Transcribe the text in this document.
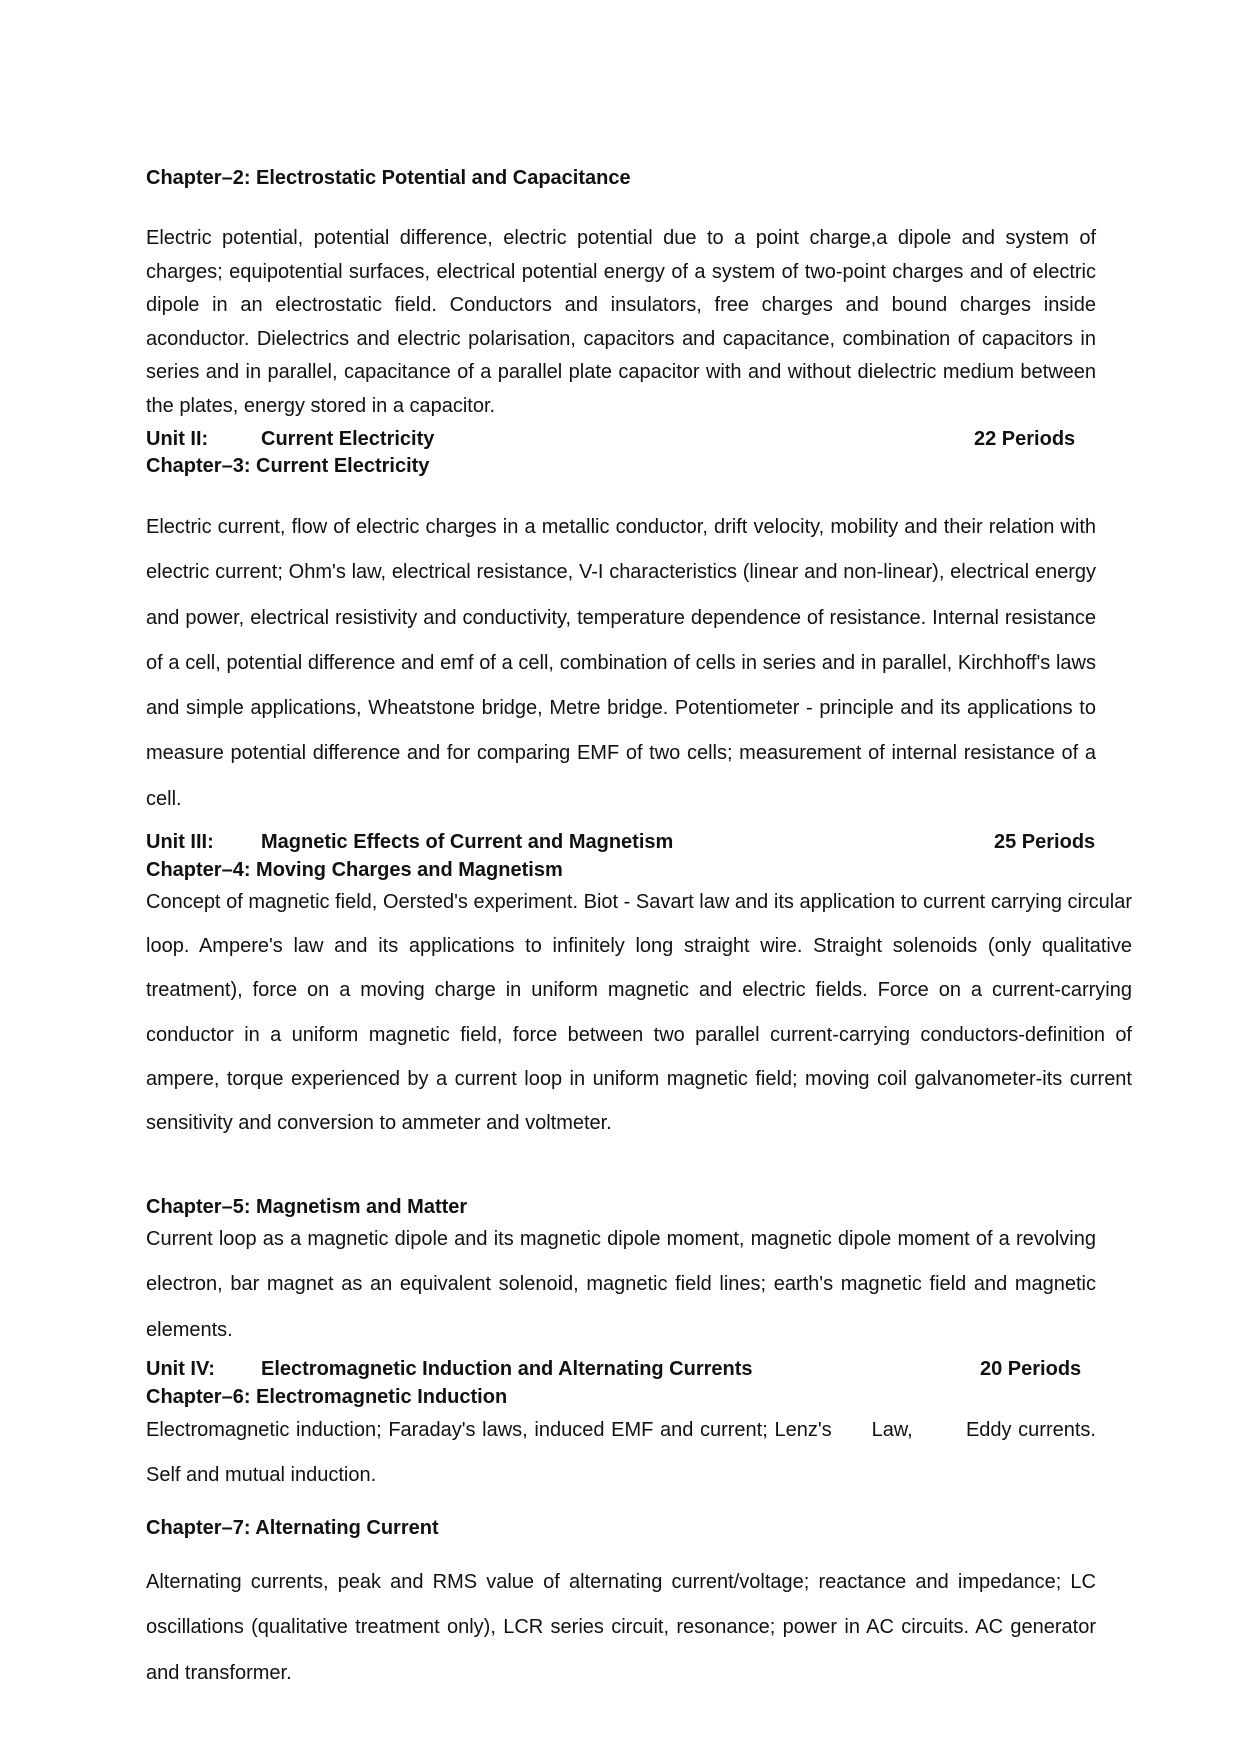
Chapter–2: Electrostatic Potential and Capacitance
Electric potential, potential difference, electric potential due to a point charge,a dipole and system of charges; equipotential surfaces, electrical potential energy of a system of two-point charges and of electric dipole in an electrostatic field. Conductors and insulators, free charges and bound charges inside aconductor. Dielectrics and electric polarisation, capacitors and capacitance, combination of capacitors in series and in parallel, capacitance of a parallel plate capacitor with and without dielectric medium between the plates, energy stored in a capacitor.
Unit II:	Current Electricity	22 Periods
Chapter–3: Current Electricity
Electric current, flow of electric charges in a metallic conductor, drift velocity, mobility and their relation with electric current; Ohm's law, electrical resistance, V-I characteristics (linear and non-linear), electrical energy and power, electrical resistivity and conductivity, temperature dependence of resistance. Internal resistance of a cell, potential difference and emf of a cell, combination of cells in series and in parallel, Kirchhoff's laws and simple applications, Wheatstone bridge, Metre bridge. Potentiometer - principle and its applications to measure potential difference and for comparing EMF of two cells; measurement of internal resistance of a cell.
Unit III: Magnetic Effects of Current and Magnetism	25 Periods
Chapter–4: Moving Charges and Magnetism
Concept of magnetic field, Oersted's experiment. Biot - Savart law and its application to current carrying circular loop. Ampere's law and its applications to infinitely long straight wire. Straight solenoids (only qualitative treatment), force on a moving charge in uniform magnetic and electric fields. Force on a current-carrying conductor in a uniform magnetic field, force between two parallel current-carrying conductors-definition of ampere, torque experienced by a current loop in uniform magnetic field; moving coil galvanometer-its current sensitivity and conversion to ammeter and voltmeter.
Chapter–5: Magnetism and Matter
Current loop as a magnetic dipole and its magnetic dipole moment, magnetic dipole moment of a revolving electron, bar magnet as an equivalent solenoid, magnetic field lines; earth's magnetic field and magnetic elements.
Unit IV: Electromagnetic Induction and Alternating Currents	20 Periods
Chapter–6: Electromagnetic Induction
Electromagnetic induction; Faraday's laws, induced EMF and current; Lenz's      Law,        Eddy currents. Self and mutual induction.
Chapter–7: Alternating Current
Alternating currents, peak and RMS value of alternating current/voltage; reactance and impedance; LC oscillations (qualitative treatment only), LCR series circuit, resonance; power in AC circuits. AC generator and transformer.
